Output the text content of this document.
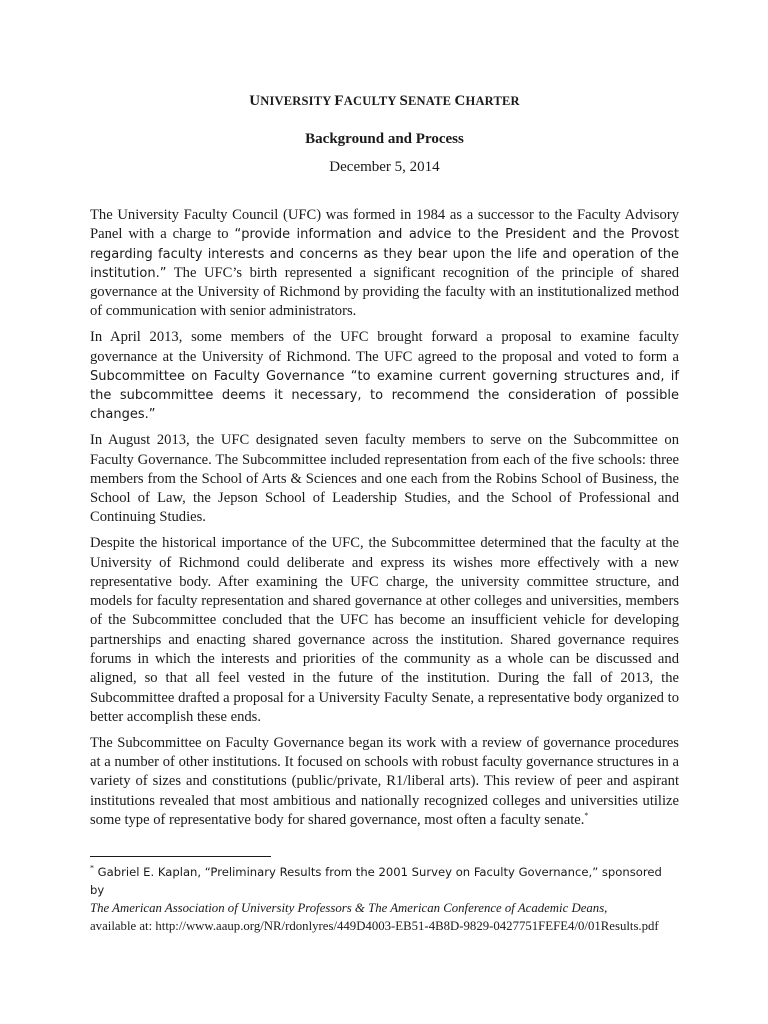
UNIVERSITY FACULTY SENATE CHARTER
Background and Process
December 5, 2014

The University Faculty Council (UFC) was formed in 1984 as a successor to the Faculty Advisory Panel with a charge to “provide information and advice to the President and the Provost regarding faculty interests and concerns as they bear upon the life and operation of the institution.” The UFC’s birth represented a significant recognition of the principle of shared governance at the University of Richmond by providing the faculty with an institutionalized method of communication with senior administrators.

In April 2013, some members of the UFC brought forward a proposal to examine faculty governance at the University of Richmond. The UFC agreed to the proposal and voted to form a Subcommittee on Faculty Governance “to examine current governing structures and, if the subcommittee deems it necessary, to recommend the consideration of possible changes.”

In August 2013, the UFC designated seven faculty members to serve on the Subcommittee on Faculty Governance. The Subcommittee included representation from each of the five schools: three members from the School of Arts & Sciences and one each from the Robins School of Business, the School of Law, the Jepson School of Leadership Studies, and the School of Professional and Continuing Studies.

Despite the historical importance of the UFC, the Subcommittee determined that the faculty at the University of Richmond could deliberate and express its wishes more effectively with a new representative body. After examining the UFC charge, the university committee structure, and models for faculty representation and shared governance at other colleges and universities, members of the Subcommittee concluded that the UFC has become an insufficient vehicle for developing partnerships and enacting shared governance across the institution. Shared governance requires forums in which the interests and priorities of the community as a whole can be discussed and aligned, so that all feel vested in the future of the institution. During the fall of 2013, the Subcommittee drafted a proposal for a University Faculty Senate, a representative body organized to better accomplish these ends.

The Subcommittee on Faculty Governance began its work with a review of governance procedures at a number of other institutions. It focused on schools with robust faculty governance structures in a variety of sizes and constitutions (public/private, R1/liberal arts). This review of peer and aspirant institutions revealed that most ambitious and nationally recognized colleges and universities utilize some type of representative body for shared governance, most often a faculty senate.*

* Gabriel E. Kaplan, “Preliminary Results from the 2001 Survey on Faculty Governance,” sponsored by
The American Association of University Professors & The American Conference of Academic Deans,
available at: http://www.aaup.org/NR/rdonlyres/449D4003-EB51-4B8D-9829-0427751FEFE4/0/01Results.pdf
